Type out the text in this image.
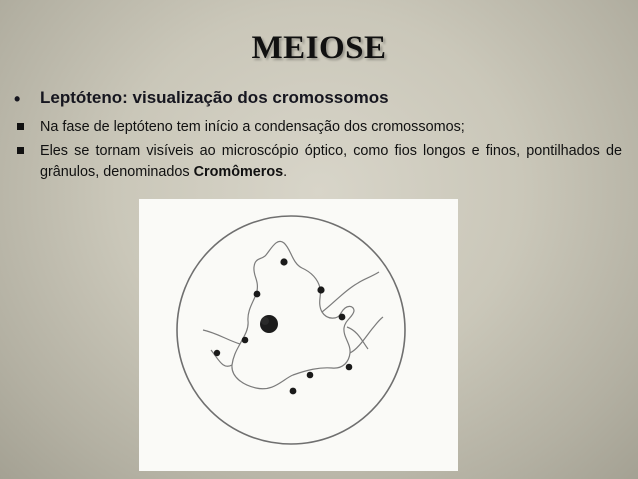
MEIOSE
• Leptóteno: visualização dos cromossomos
Na fase de leptóteno tem início a condensação dos cromossomos;
Eles se tornam visíveis ao microscópio óptico, como fios longos e finos, pontilhados de grânulos, denominados Cromômeros.
